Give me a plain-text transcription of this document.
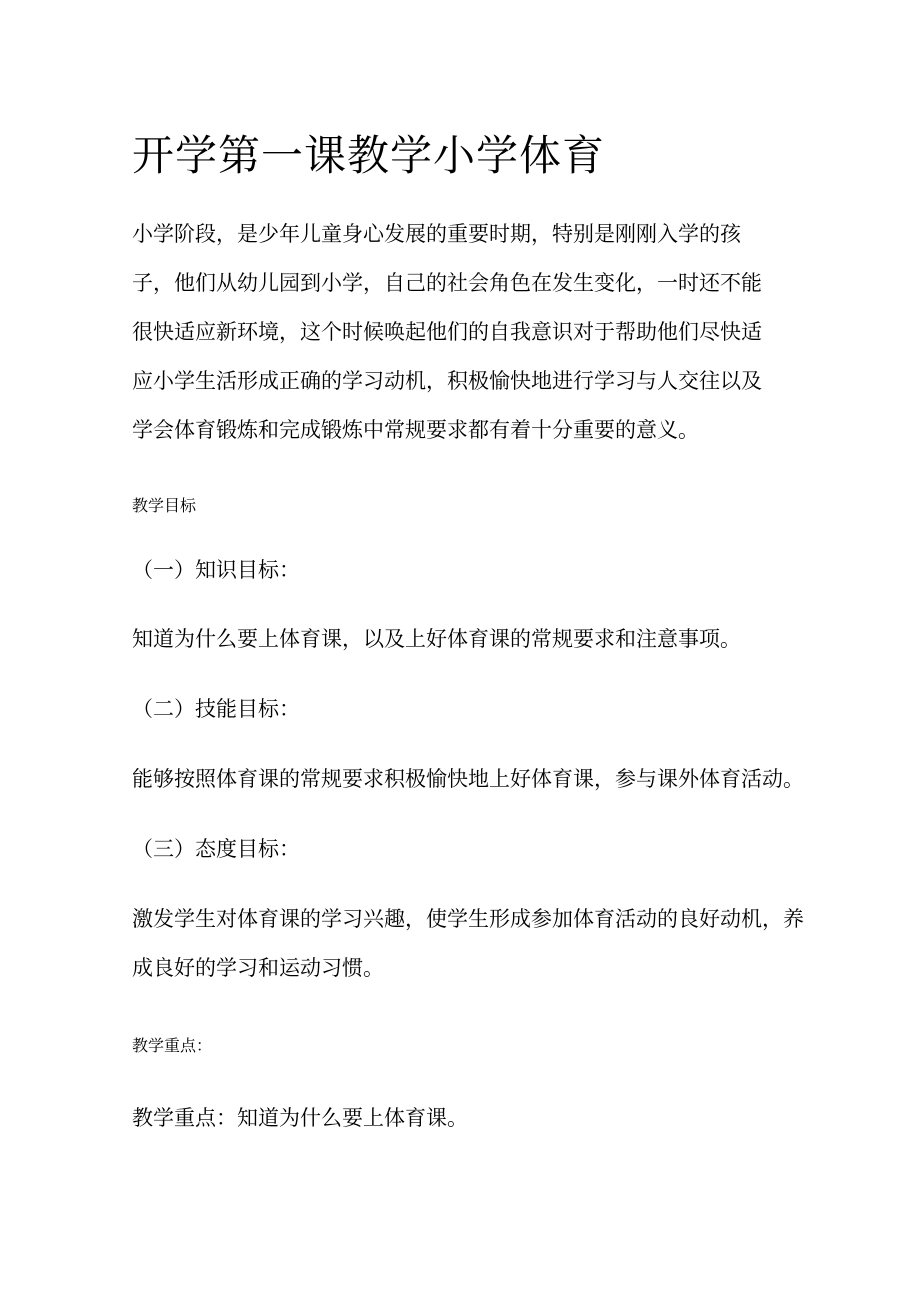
开学第一课教学小学体育

小学阶段，是少年儿童身心发展的重要时期，特别是刚刚入学的孩子，他们从幼儿园到小学，自己的社会角色在发生变化，一时还不能很快适应新环境，这个时候唤起他们的自我意识对于帮助他们尽快适应小学生活形成正确的学习动机，积极愉快地进行学习与人交往以及学会体育锻炼和完成锻炼中常规要求都有着十分重要的意义。

教学目标

（一）知识目标：

知道为什么要上体育课，以及上好体育课的常规要求和注意事项。

（二）技能目标：

能够按照体育课的常规要求积极愉快地上好体育课，参与课外体育活动。

（三）态度目标：

激发学生对体育课的学习兴趣，使学生形成参加体育活动的良好动机，养

成良好的学习和运动习惯。

教学重点：

教学重点：知道为什么要上体育课。
